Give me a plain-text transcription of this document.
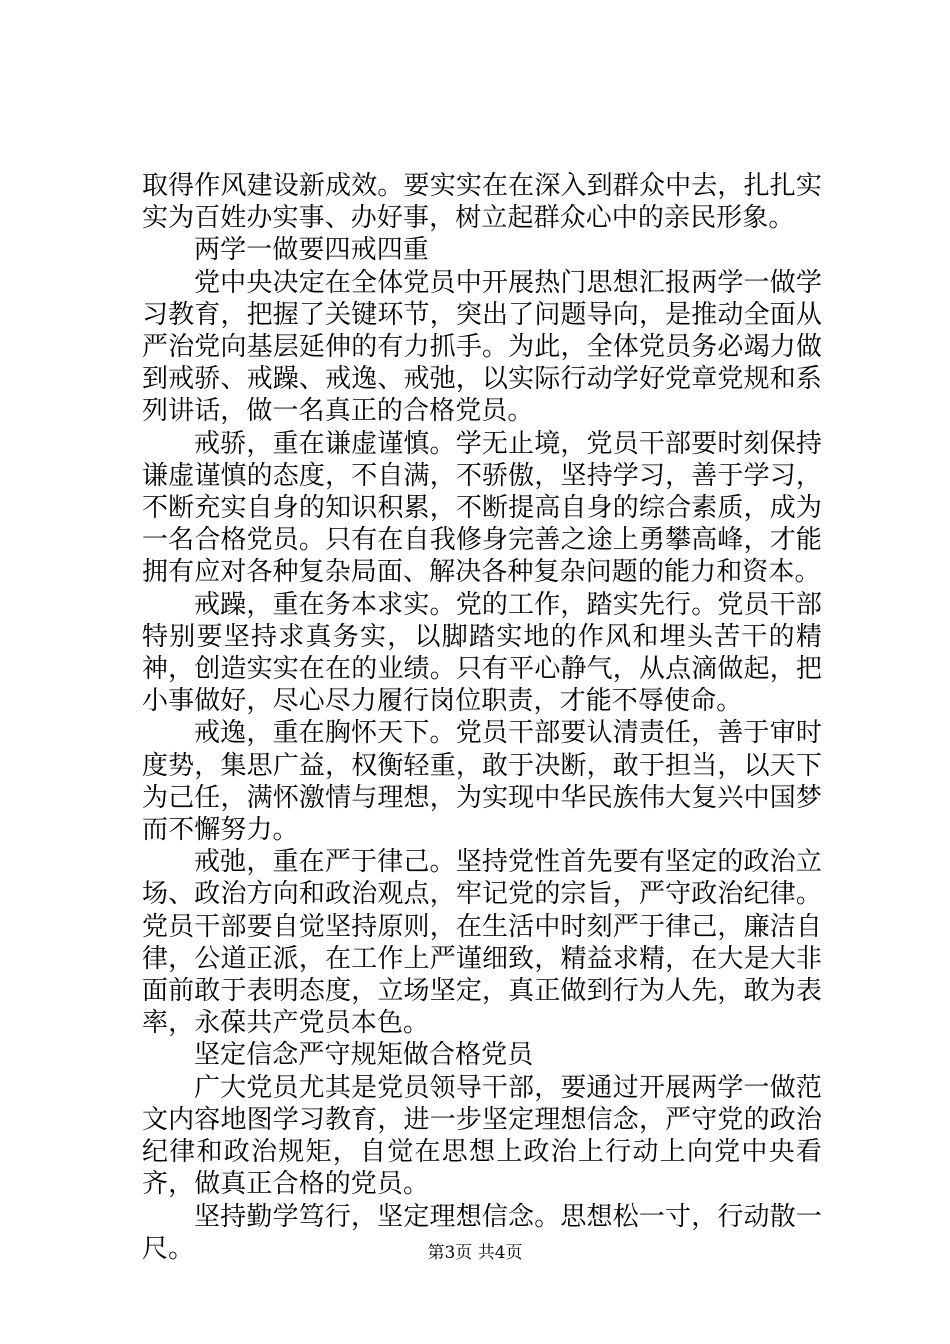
取得作风建设新成效。要实实在在深入到群众中去，扎扎实实为百姓办实事、办好事，树立起群众心中的亲民形象。

两学一做要四戒四重

党中央决定在全体党员中开展热门思想汇报两学一做学习教育，把握了关键环节，突出了问题导向，是推动全面从严治党向基层延伸的有力抓手。为此，全体党员务必竭力做到戒骄、戒躁、戒逸、戒弛，以实际行动学好党章党规和系列讲话，做一名真正的合格党员。

戒骄，重在谦虚谨慎。学无止境，党员干部要时刻保持谦虚谨慎的态度，不自满，不骄傲，坚持学习，善于学习，不断充实自身的知识积累，不断提高自身的综合素质，成为一名合格党员。只有在自我修身完善之途上勇攀高峰，才能拥有应对各种复杂局面、解决各种复杂问题的能力和资本。

戒躁，重在务本求实。党的工作，踏实先行。党员干部特别要坚持求真务实，以脚踏实地的作风和埋头苦干的精神，创造实实在在的业绩。只有平心静气，从点滴做起，把小事做好，尽心尽力履行岗位职责，才能不辱使命。

戒逸，重在胸怀天下。党员干部要认清责任，善于审时度势，集思广益，权衡轻重，敢于决断，敢于担当，以天下为己任，满怀激情与理想，为实现中华民族伟大复兴中国梦而不懈努力。

戒弛，重在严于律己。坚持党性首先要有坚定的政治立场、政治方向和政治观点，牢记党的宗旨，严守政治纪律。党员干部要自觉坚持原则，在生活中时刻严于律己，廉洁自律，公道正派，在工作上严谨细致，精益求精，在大是大非面前敢于表明态度，立场坚定，真正做到行为人先，敢为表率，永葆共产党员本色。

坚定信念严守规矩做合格党员

广大党员尤其是党员领导干部，要通过开展两学一做范文内容地图学习教育，进一步坚定理想信念，严守党的政治纪律和政治规矩，自觉在思想上政治上行动上向党中央看齐，做真正合格的党员。

坚持勤学笃行，坚定理想信念。思想松一寸，行动散一尺。	第3页 共4页
